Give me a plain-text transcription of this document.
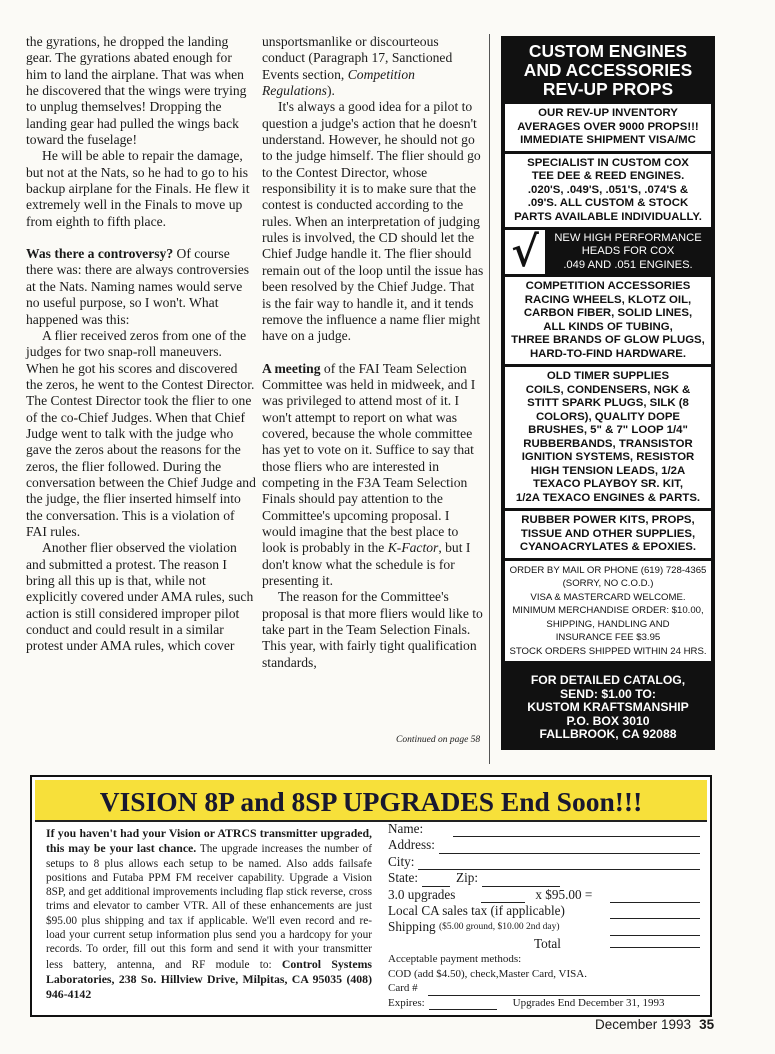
the gyrations, he dropped the landing gear. The gyrations abated enough for him to land the airplane. That was when he discovered that the wings were trying to unplug themselves! Dropping the landing gear had pulled the wings back toward the fuselage!

He will be able to repair the damage, but not at the Nats, so he had to go to his backup airplane for the Finals. He flew it extremely well in the Finals to move up from eighth to fifth place.

Was there a controversy? Of course there was: there are always controversies at the Nats. Naming names would serve no useful purpose, so I won't. What happened was this:

A flier received zeros from one of the judges for two snap-roll maneuvers. When he got his scores and discovered the zeros, he went to the Contest Director. The Contest Director took the flier to one of the co-Chief Judges. When that Chief Judge went to talk with the judge who gave the zeros about the reasons for the zeros, the flier followed. During the conversation between the Chief Judge and the judge, the flier inserted himself into the conversation. This is a violation of FAI rules.

Another flier observed the violation and submitted a protest. The reason I bring all this up is that, while not explicitly covered under AMA rules, such action is still considered improper pilot conduct and could result in a similar protest under AMA rules, which cover

unsportsmanlike or discourteous conduct (Paragraph 17, Sanctioned Events section, Competition Regulations).

It's always a good idea for a pilot to question a judge's action that he doesn't understand. However, he should not go to the judge himself. The flier should go to the Contest Director, whose responsibility it is to make sure that the contest is conducted according to the rules. When an interpretation of judging rules is involved, the CD should let the Chief Judge handle it. The flier should remain out of the loop until the issue has been resolved by the Chief Judge. That is the fair way to handle it, and it tends remove the influence a name flier might have on a judge.

A meeting of the FAI Team Selection Committee was held in midweek, and I was privileged to attend most of it. I won't attempt to report on what was covered, because the whole committee has yet to vote on it. Suffice to say that those fliers who are interested in competing in the F3A Team Selection Finals should pay attention to the Committee's upcoming proposal. I would imagine that the best place to look is probably in the K-Factor, but I don't know what the schedule is for presenting it.

The reason for the Committee's proposal is that more fliers would like to take part in the Team Selection Finals. This year, with fairly tight qualification standards,

Continued on page 58
CUSTOM ENGINES
AND ACCESSORIES
REV-UP PROPS
OUR REV-UP INVENTORY
AVERAGES OVER 9000 PROPS!!!
IMMEDIATE SHIPMENT VISA/MC
SPECIALIST IN CUSTOM COX
TEE DEE & REED ENGINES.
.020'S, .049'S, .051'S, .074'S &
.09'S. ALL CUSTOM & STOCK
PARTS AVAILABLE INDIVIDUALLY.
√	NEW HIGH PERFORMANCE
HEADS FOR COX
.049 AND .051 ENGINES.
COMPETITION ACCESSORIES
RACING WHEELS, KLOTZ OIL,
CARBON FIBER, SOLID LINES,
ALL KINDS OF TUBING,
THREE BRANDS OF GLOW PLUGS,
HARD-TO-FIND HARDWARE.
OLD TIMER SUPPLIES
COILS, CONDENSERS, NGK &
STITT SPARK PLUGS, SILK (8
COLORS), QUALITY DOPE
BRUSHES, 5" & 7" LOOP 1/4"
RUBBERBANDS, TRANSISTOR
IGNITION SYSTEMS, RESISTOR
HIGH TENSION LEADS, 1/2A
TEXACO PLAYBOY SR. KIT,
1/2A TEXACO ENGINES & PARTS.
RUBBER POWER KITS, PROPS,
TISSUE AND OTHER SUPPLIES,
CYANOACRYLATES & EPOXIES.
ORDER BY MAIL OR PHONE (619) 728-4365
(SORRY, NO C.O.D.)
VISA & MASTERCARD WELCOME.
MINIMUM MERCHANDISE ORDER: $10.00,
SHIPPING, HANDLING AND
INSURANCE FEE $3.95
STOCK ORDERS SHIPPED WITHIN 24 HRS.
FOR DETAILED CATALOG,
SEND: $1.00 TO:
KUSTOM KRAFTSMANSHIP
P.O. BOX 3010
FALLBROOK, CA 92088
VISION 8P and 8SP UPGRADES End Soon!!!
If you haven't had your Vision or ATRCS transmitter upgraded, this may be your last chance. The upgrade increases the number of setups to 8 plus allows each setup to be named. Also adds failsafe positions and Futaba PPM FM receiver capability. Upgrade a Vision 8SP, and get additional improvements including flap stick reverse, cross trims and elevator to camber VTR. All of these enhancements are just $95.00 plus shipping and tax if applicable. We'll even record and re-load your current setup information plus send you a hardcopy for your records. To order, fill out this form and send it with your transmitter less battery, antenna, and RF module to: Control Systems Laboratories, 238 So. Hillview Drive, Milpitas, CA 95035 (408) 946-4142
Name:
Address:
City:
State:	Zip:
3.0 upgrades	x $95.00 =
Local CA sales tax (if applicable)
Shipping
($5.00 ground, $10.00 2nd day)
Total
Acceptable payment methods:
COD (add $4.50), check,Master Card, VISA.
Card #
Expires:	Upgrades End December 31, 1993
December 1993 35
